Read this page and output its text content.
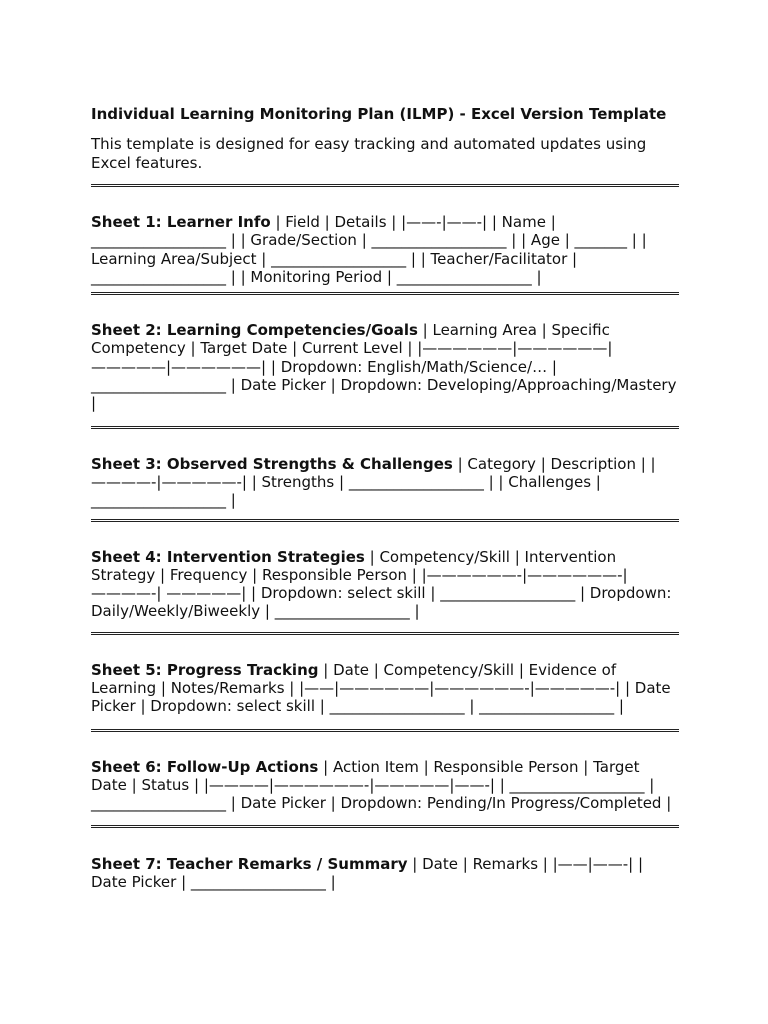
Individual Learning Monitoring Plan (ILMP) - Excel Version Template

This template is designed for easy tracking and automated updates using Excel features.

Sheet 1: Learner Info | Field | Details | |——-|——-| | Name | __________________ | | Grade/Section | __________________ | | Age | _______ | | Learning Area/Subject | __________________ | | Teacher/Facilitator | __________________ | | Monitoring Period | __________________ |

Sheet 2: Learning Competencies/Goals | Learning Area | Specific Competency | Target Date | Current Level | |——————|——————|—————|——————| | Dropdown: English/Math/Science/… | __________________ | Date Picker | Dropdown: Developing/Approaching/Mastery |

Sheet 3: Observed Strengths & Challenges | Category | Description | | ————-|—————-| | Strengths | __________________ | | Challenges | __________________ |

Sheet 4: Intervention Strategies | Competency/Skill | Intervention Strategy | Frequency | Responsible Person | |——————-|——————-|————-| —————| | Dropdown: select skill | __________________ | Dropdown: Daily/Weekly/Biweekly | __________________ |

Sheet 5: Progress Tracking | Date | Competency/Skill | Evidence of Learning | Notes/Remarks | |——|——————|——————-|—————-| | Date Picker | Dropdown: select skill | __________________ | __________________ |

Sheet 6: Follow-Up Actions | Action Item | Responsible Person | Target Date | Status | |————|——————-|—————|——-| | __________________ | __________________ | Date Picker | Dropdown: Pending/In Progress/Completed |

Sheet 7: Teacher Remarks / Summary | Date | Remarks | |——|——-| | Date Picker | __________________ |
